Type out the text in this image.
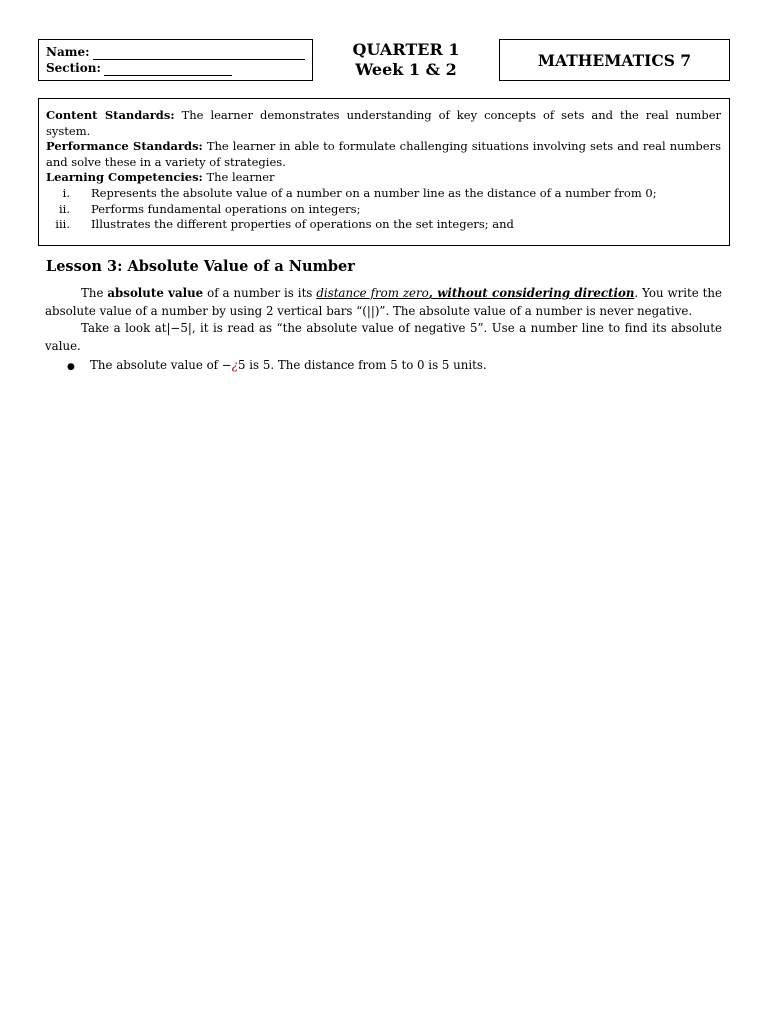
Name:
Section:
QUARTER 1
Week 1 & 2	MATHEMATICS 7

Content Standards: The learner demonstrates understanding of key concepts of sets and the real number system.

Performance Standards: The learner in able to formulate challenging situations involving sets and real numbers and solve these in a variety of strategies.

Learning Competencies: The learner

i.	Represents the absolute value of a number on a number line as the distance of a number from 0;
ii.	Performs fundamental operations on integers;
iii.	Illustrates the different properties of operations on the set integers; and
Lesson 3: Absolute Value of a Number

The absolute value of a number is its distance from zero, without considering direction. You write the absolute value of a number by using 2 vertical bars “(||)”. The absolute value of a number is never negative.

Take a look at|−5|, it is read as “the absolute value of negative 5”. Use a number line to find its absolute value.

●	The absolute value of −¿5 is 5. The distance from 5 to 0 is 5 units.
